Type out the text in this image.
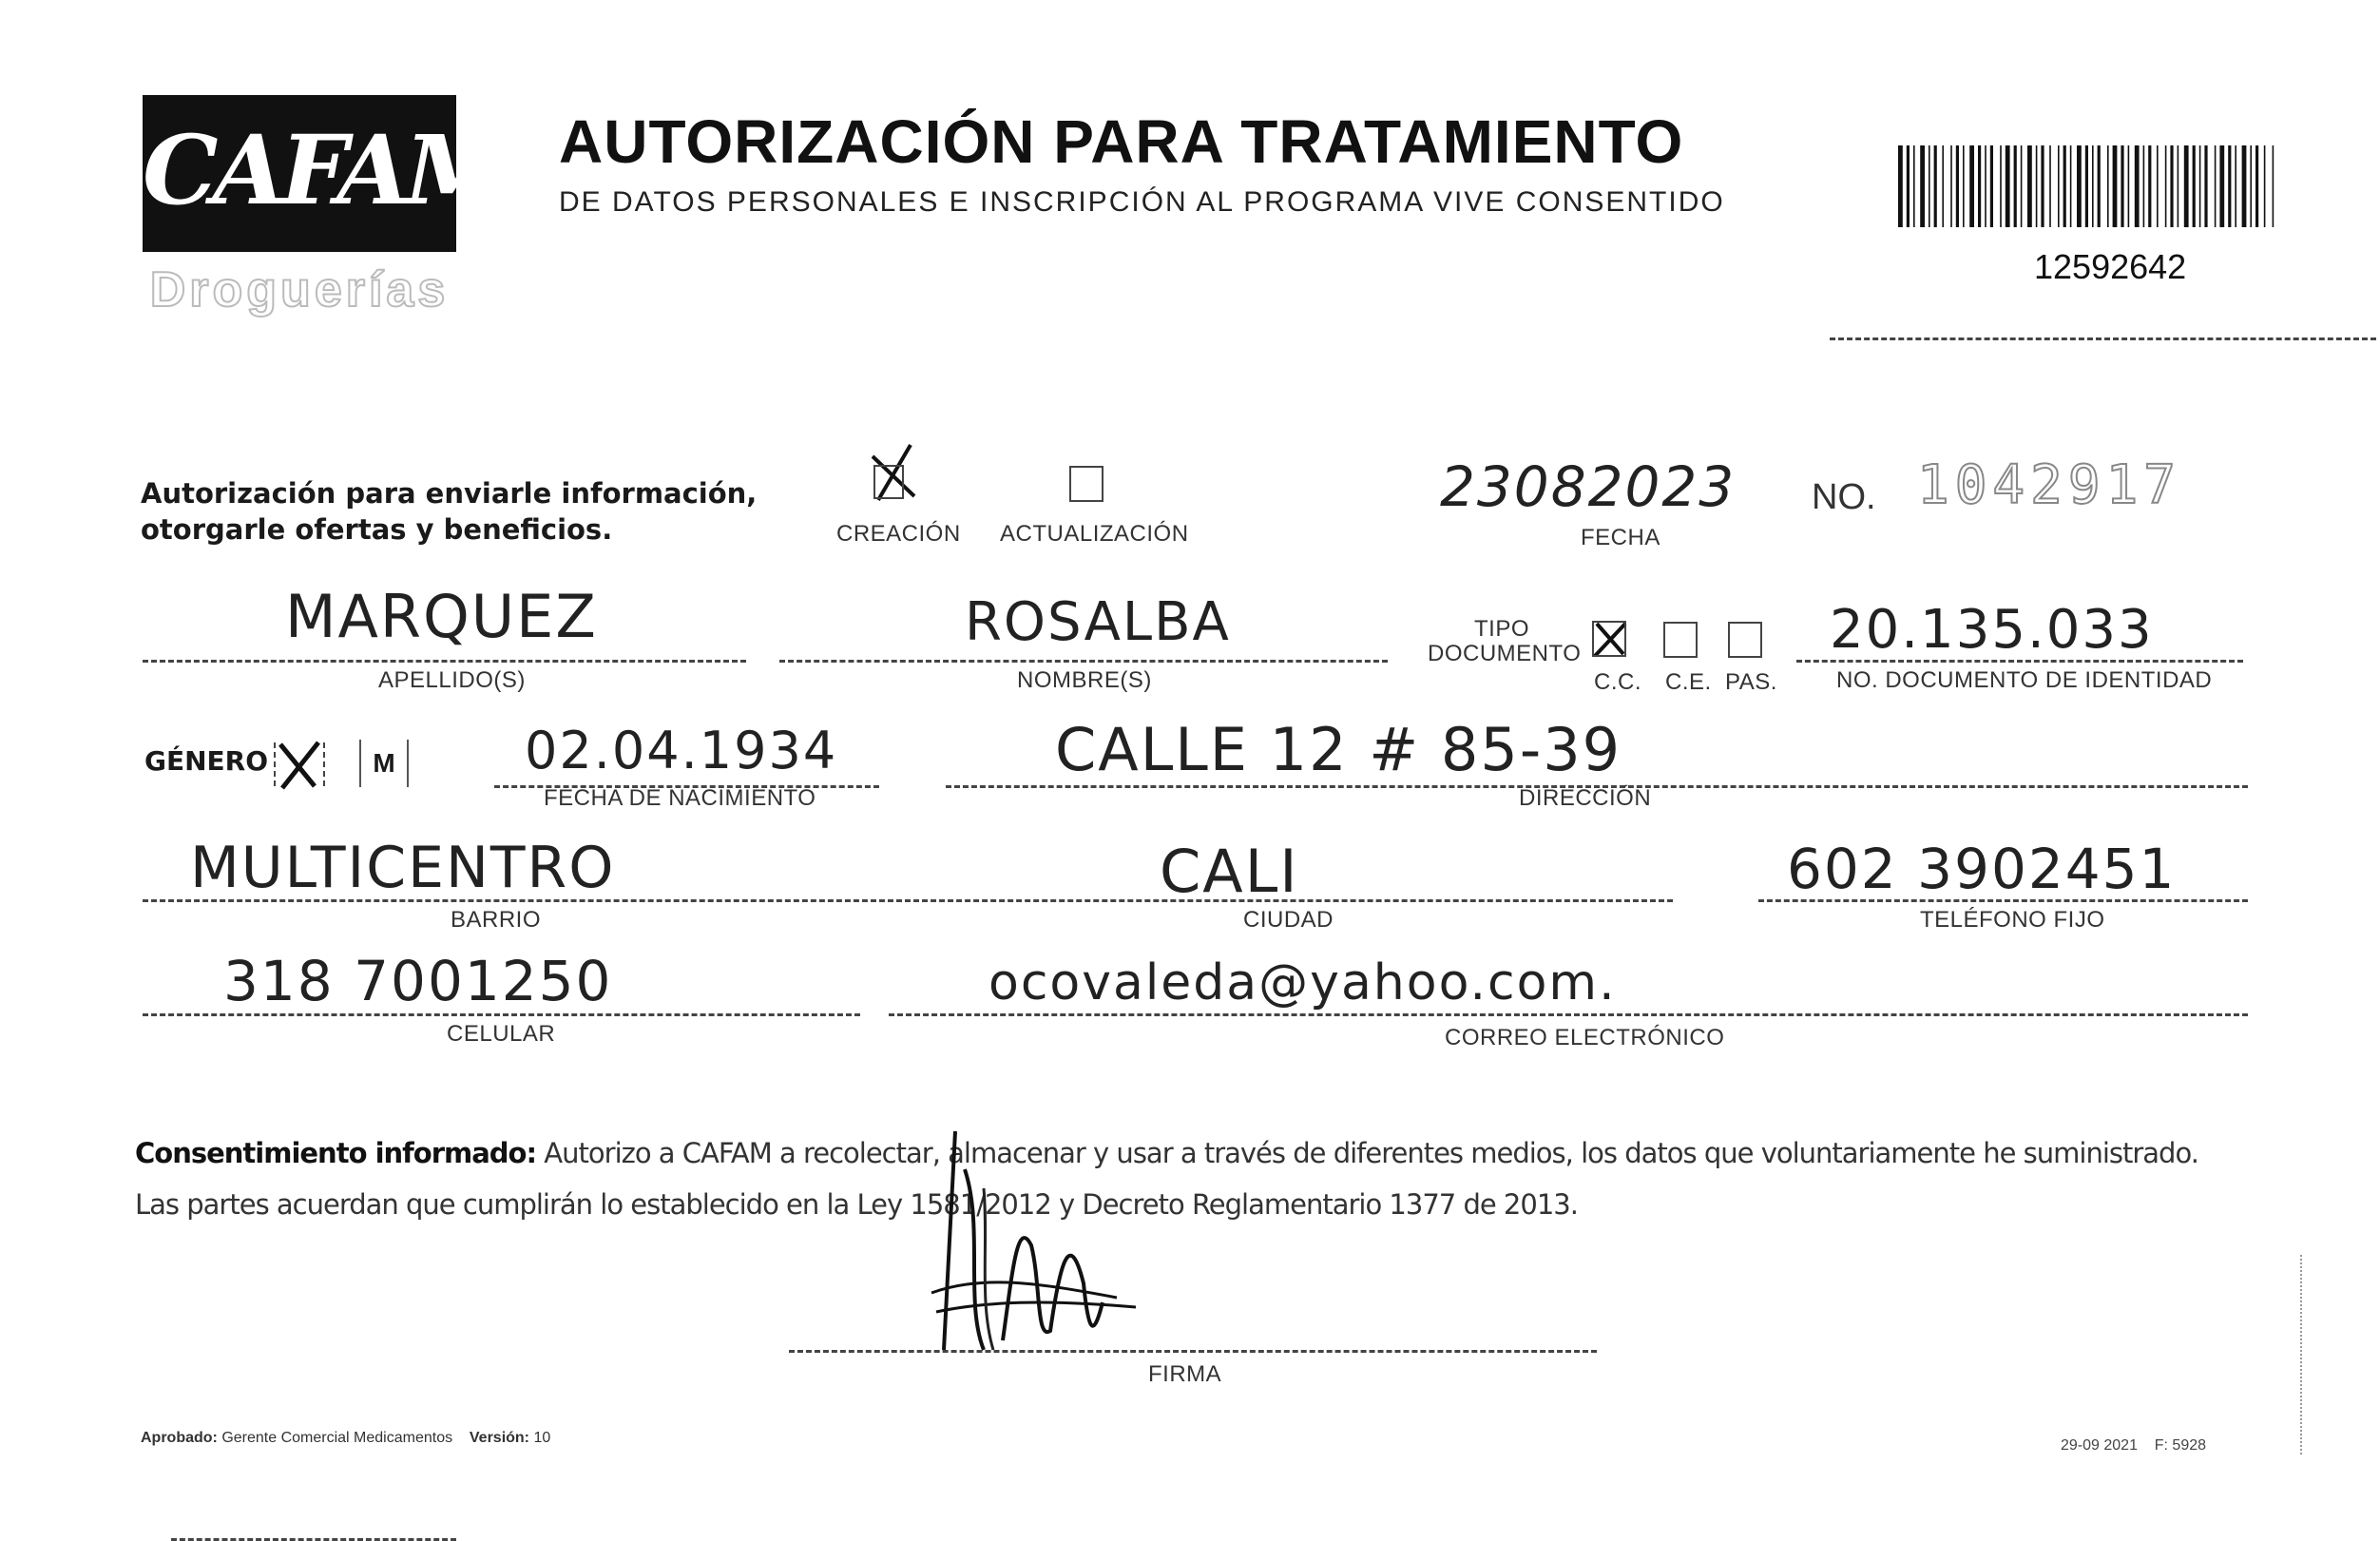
CAFAM
Droguerías
AUTORIZACIÓN PARA TRATAMIENTO
DE DATOS PERSONALES E INSCRIPCIÓN AL PROGRAMA VIVE CONSENTIDO
12592642
Autorización para enviarle información,
otorgarle ofertas y beneficios.	CREACIÓN ACTUALIZACIÓN
23082023
FECHA
NO. 1042917
MARQUEZ
APELLIDO(S)
ROSALBA
NOMBRE(S)
TIPO
DOCUMENTO
C.C. C.E. PAS.
20.135.033
NO. DOCUMENTO DE IDENTIDAD
GÉNERO	M	02.04.1934
FECHA DE NACIMIENTO
CALLE 12 # 85-39
DIRECCIÓN
MULTICENTRO
BARRIO
CALI
CIUDAD
602 3902451
TELÉFONO FIJO
318 7001250
CELULAR
ocovaleda@yahoo.com.
CORREO ELECTRÓNICO
Consentimiento informado: Autorizo a CAFAM a recolectar, almacenar y usar a través de diferentes medios, los datos que voluntariamente he suministrado.
Las partes acuerdan que cumplirán lo establecido en la Ley 1581/2012 y Decreto Reglamentario 1377 de 2013.
FIRMA
Aprobado: Gerente Comercial Medicamentos Versión: 10	29-09 2021 F: 5928
